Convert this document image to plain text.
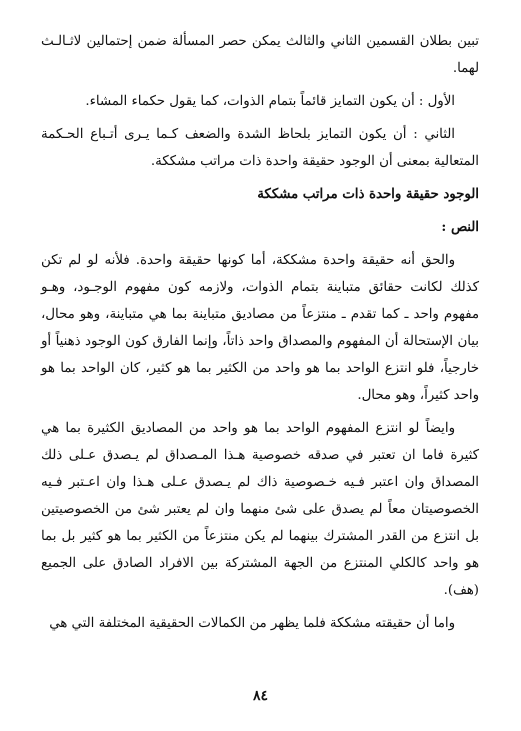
تبين بطلان القسمين الثاني والثالث يمكن حصر المسألة ضمن إحتمالين لاثـالـث لهما.

الأول : أن يكون التمايز قائماً بتمام الذوات، كما يقول حكماء المشاء.

الثاني : أن يكون التمايز بلحاظ الشدة والضعف كـما يـرى أتـباع الحـكمة المتعالية بمعنى أن الوجود حقيقة واحدة ذات مراتب مشككة.

الوجود حقيقة واحدة ذات مراتب مشككة

النص :

والحق أنه حقيقة واحدة مشككة، أما كونها حقيقة واحدة. فلأنه لو لم تكن كذلك لكانت حقائق متباينة بتمام الذوات، ولازمه كون مفهوم الوجـود، وهـو مفهوم واحد ـ كما تقدم ـ منتزعاً من مصاديق متباينة بما هي متباينة، وهو محال، بيان الإستحالة أن المفهوم والمصداق واحد ذاتاً، وإنما الفارق كون الوجود ذهنياً أو خارجياً، فلو انتزع الواحد بما هو واحد من الكثير بما هو كثير، كان الواحد بما هو واحد كثيراً، وهو محال.

وايضاً لو انتزع المفهوم الواحد بما هو واحد من المصاديق الكثيرة بما هي كثيرة فاما ان تعتبر في صدقه خصوصية هـذا المـصداق لم يـصدق عـلى ذلك المصداق وان اعتبر فـيه خـصوصية ذاك لم يـصدق عـلى هـذا وان اعـتبر فـيه الخصوصيتان معاً لم يصدق على شئ منهما وان لم يعتبر شئ من الخصوصيتين بل انتزع من القدر المشترك بينهما لم يكن منتزعاً من الكثير بما هو كثير بل بما هو واحد كالكلي المنتزع من الجهة المشتركة بين الافراد الصادق على الجميع (هف).

واما أن حقيقته مشككة فلما يظهر من الكمالات الحقيقية المختلفة التي هي

٨٤
